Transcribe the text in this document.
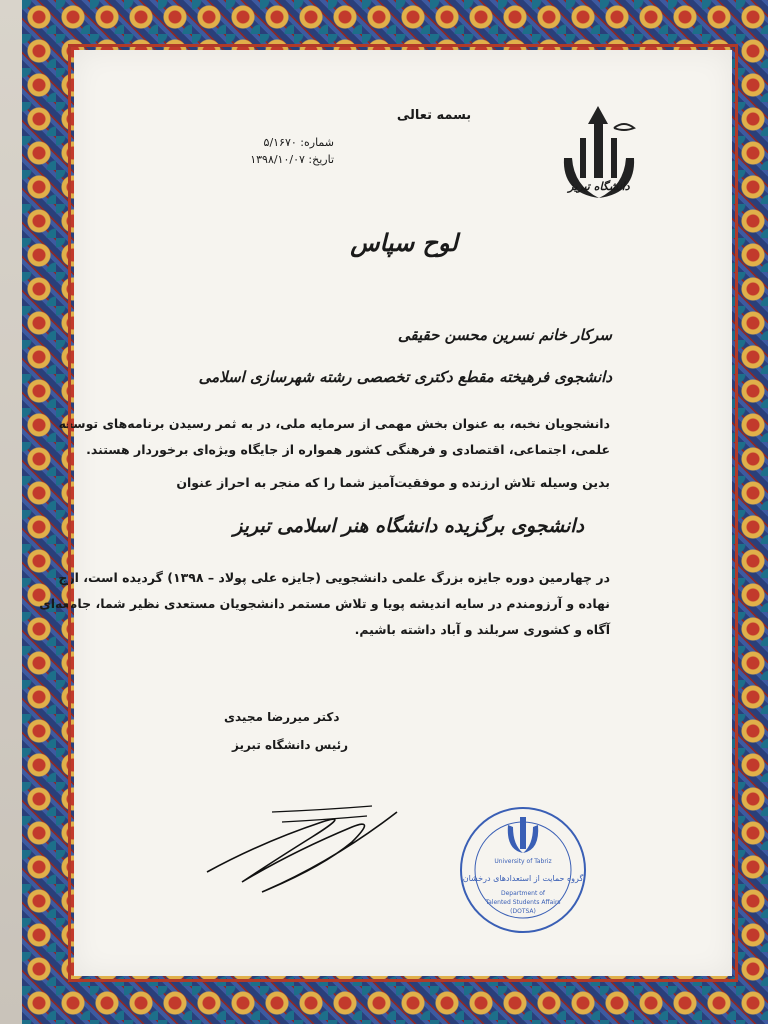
بسمه تعالی
شماره: ۵/۱۶۷۰
تاریخ: ۱۳۹۸/۱۰/۰۷
دانشگاه تبریز
لوح سپاس
سرکار خانم نسرین محسن حقیقی
دانشجوی فرهیخته مقطع دکتری تخصصی رشته شهرسازی اسلامی
دانشجویان نخبه، به عنوان بخش مهمی از سرمایه ملی، در به ثمر رسیدن برنامه‌های توسعه
علمی، اجتماعی، اقتصادی و فرهنگی کشور همواره از جایگاه ویژه‌ای برخوردار هستند.
بدین وسیله تلاش ارزنده و موفقیت‌آمیز شما را که منجر به احراز عنوان
دانشجوی برگزیده دانشگاه هنر اسلامی تبریز
در چهارمین دوره جایزه بزرگ علمی دانشجویی (جایزه علی پولاد – ۱۳۹۸) گردیده است، ارج
نهاده و آرزومندم در سایه اندیشه پویا و تلاش مستمر دانشجویان مستعدی نظیر شما، جامعه‌ای
آگاه و کشوری سربلند و آباد داشته باشیم.
دکتر میررضا مجیدی
رئیس دانشگاه تبریز
University of Tabriz
گروه حمایت از استعدادهای درخشان
Department of
Talented Students Affairs
(DOTSA)
